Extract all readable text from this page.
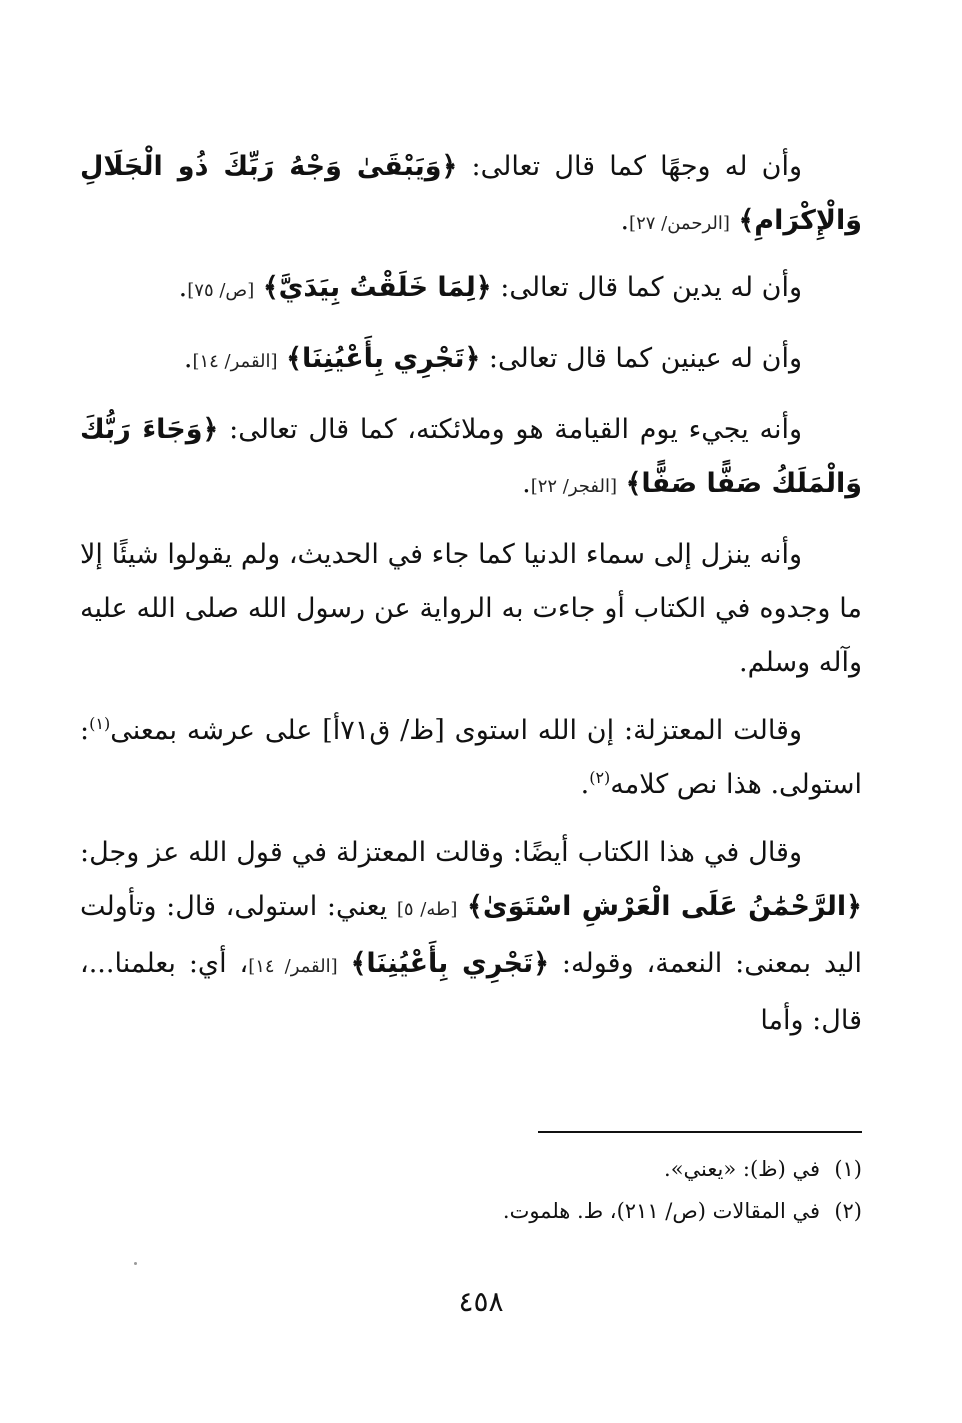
وأن له وجهًا كما قال تعالى: ﴿وَيَبْقَىٰ وَجْهُ رَبِّكَ ذُو الْجَلَالِ وَالْإِكْرَامِ﴾ [الرحمن/ ٢٧].

وأن له يدين كما قال تعالى: ﴿لِمَا خَلَقْتُ بِيَدَيَّ﴾ [ص/ ٧٥].

وأن له عينين كما قال تعالى: ﴿تَجْرِي بِأَعْيُنِنَا﴾ [القمر/ ١٤].

وأنه يجيء يوم القيامة هو وملائكته، كما قال تعالى: ﴿وَجَاءَ رَبُّكَ وَالْمَلَكُ صَفًّا صَفًّا﴾ [الفجر/ ٢٢].

وأنه ينزل إلى سماء الدنيا كما جاء في الحديث، ولم يقولوا شيئًا إلا ما وجدوه في الكتاب أو جاءت به الرواية عن رسول الله صلى الله عليه وآله وسلم.

وقالت المعتزلة: إن الله استوى [ظ/ ق٧١أ] على عرشه بمعنى$^{(١)}$: استولى. هذا نص كلامه$^{(٢)}$.

وقال في هذا الكتاب أيضًا: وقالت المعتزلة في قول الله عز وجل: ﴿الرَّحْمَٰنُ عَلَى الْعَرْشِ اسْتَوَىٰ﴾ [طه/ ٥] يعني: استولى، قال: وتأولت اليد بمعنى: النعمة، وقوله: ﴿تَجْرِي بِأَعْيُنِنَا﴾ [القمر/ ١٤]، أي: بعلمنا...، قال: وأما

(١)في (ظ): «يعني».
(٢)في المقالات (ص/ ٢١١)، ط. هلموت.
٤٥٨
